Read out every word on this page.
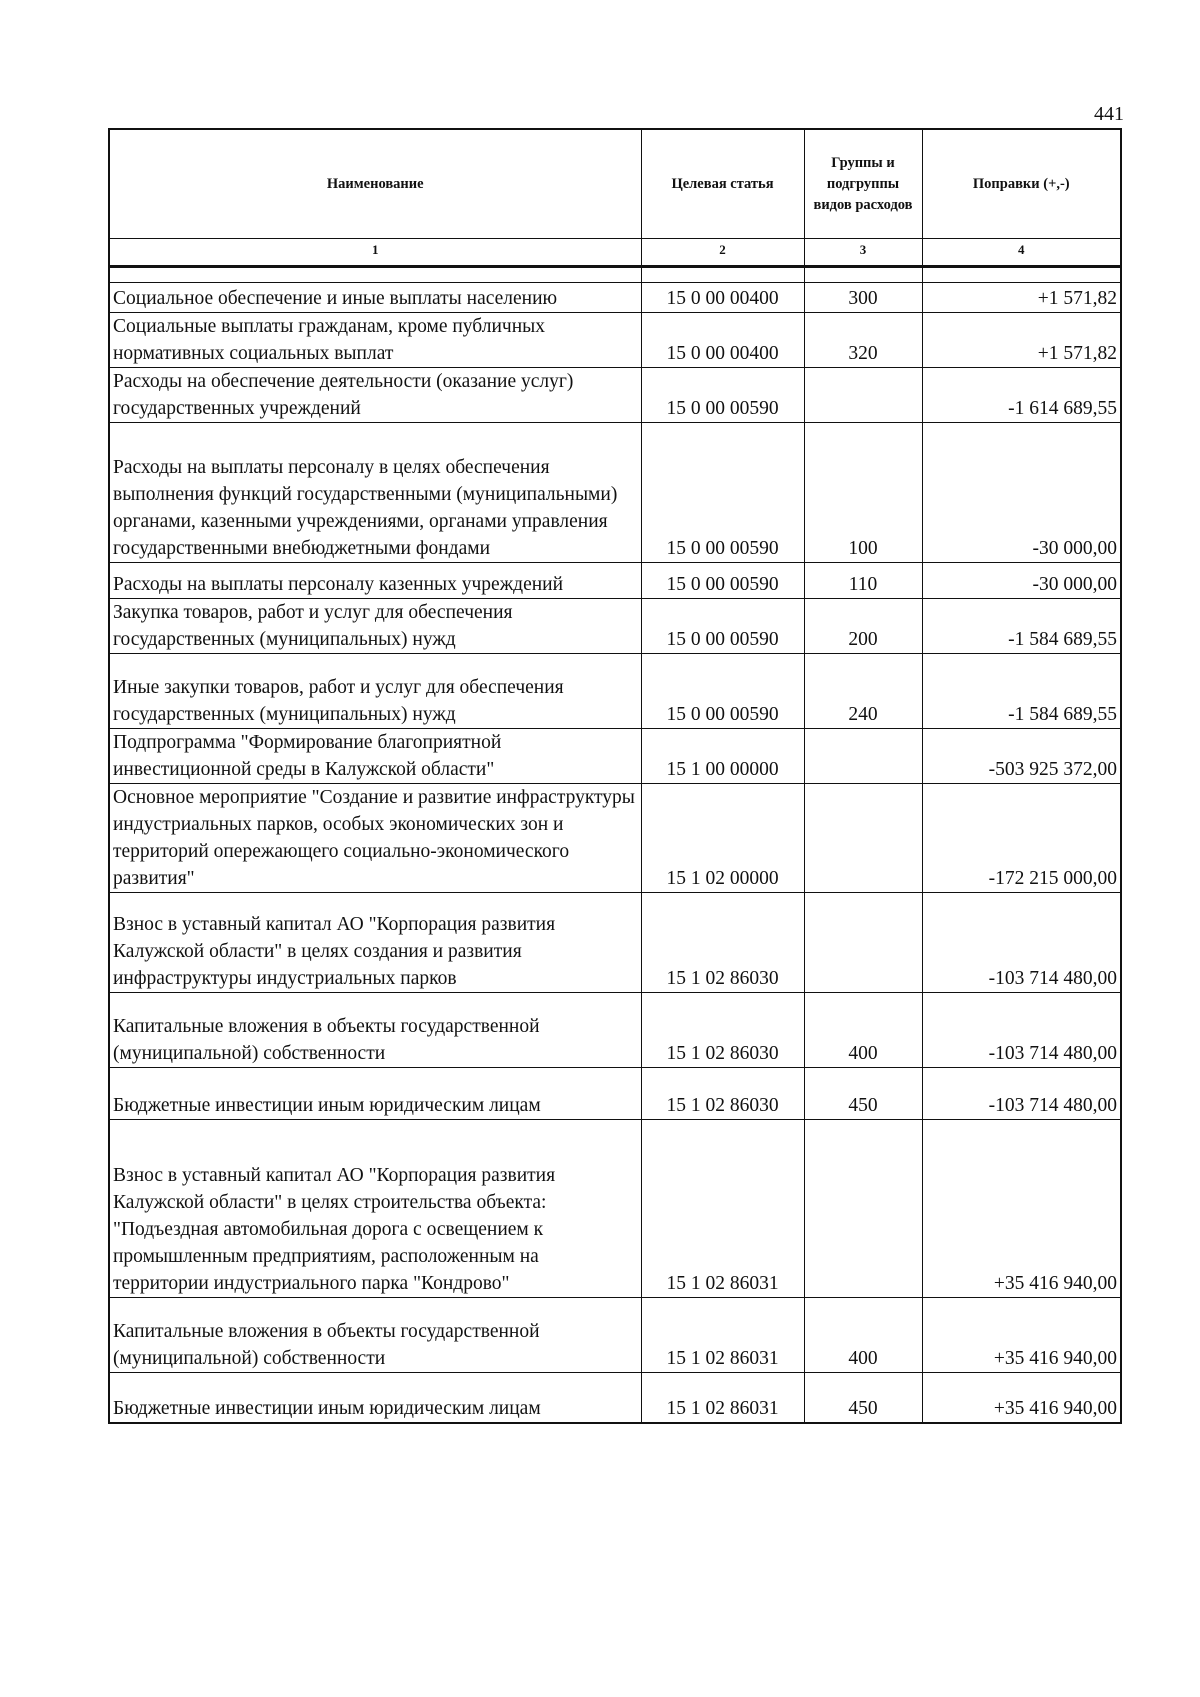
441
Наименование	Целевая статья	Группы и подгруппы видов расходов	Поправки (+,-)
1	2	3	4

Социальное обеспечение и иные выплаты населению	15 0 00 00400	300	+1 571,82
Социальные выплаты гражданам, кроме публичных нормативных социальных выплат	15 0 00 00400	320	+1 571,82
Расходы на обеспечение деятельности (оказание услуг) государственных учреждений	15 0 00 00590		-1 614 689,55
Расходы на выплаты персоналу в целях обеспечения выполнения функций государственными (муниципальными) органами, казенными учреждениями, органами управления государственными внебюджетными фондами	15 0 00 00590	100	-30 000,00
Расходы на выплаты персоналу казенных учреждений	15 0 00 00590	110	-30 000,00
Закупка товаров, работ и услуг для обеспечения государственных (муниципальных) нужд	15 0 00 00590	200	-1 584 689,55
Иные закупки товаров, работ и услуг для обеспечения государственных (муниципальных) нужд	15 0 00 00590	240	-1 584 689,55
Подпрограмма "Формирование благоприятной инвестиционной среды в Калужской области"	15 1 00 00000		-503 925 372,00
Основное мероприятие "Создание и развитие инфраструктуры индустриальных парков, особых экономических зон и территорий опережающего социально-экономического развития"	15 1 02 00000		-172 215 000,00
Взнос в уставный капитал АО "Корпорация развития Калужской области" в целях создания и развития инфраструктуры индустриальных парков	15 1 02 86030		-103 714 480,00
Капитальные вложения в объекты государственной (муниципальной) собственности	15 1 02 86030	400	-103 714 480,00
Бюджетные инвестиции иным юридическим лицам	15 1 02 86030	450	-103 714 480,00
Взнос в уставный капитал АО "Корпорация развития Калужской области" в целях строительства объекта: "Подъездная автомобильная дорога с освещением к промышленным предприятиям, расположенным на территории индустриального парка "Кондрово"	15 1 02 86031		+35 416 940,00
Капитальные вложения в объекты государственной (муниципальной) собственности	15 1 02 86031	400	+35 416 940,00
Бюджетные инвестиции иным юридическим лицам	15 1 02 86031	450	+35 416 940,00
